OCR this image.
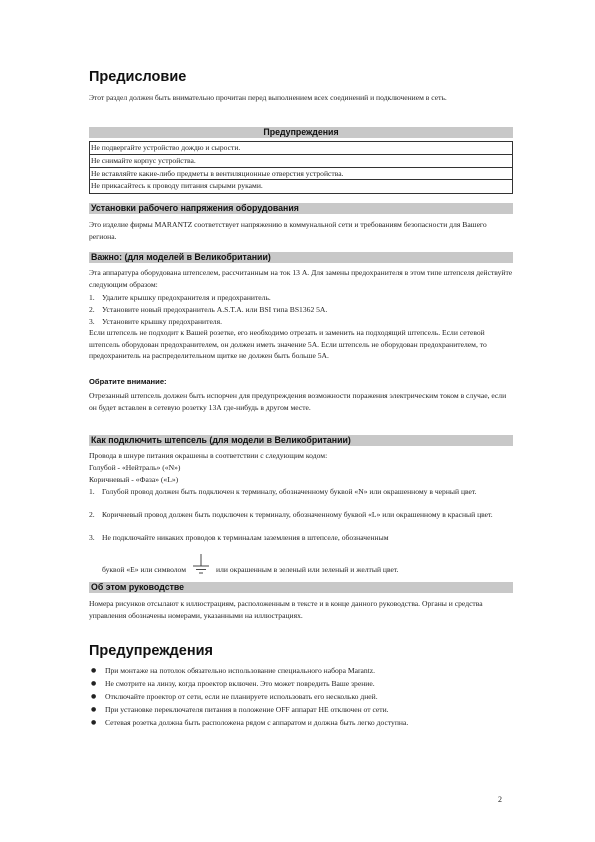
Предисловие
Этот раздел должен быть внимательно прочитан перед выполнением всех соединений и подключением в сеть.
Предупреждения
Не подвергайте устройство дождю и сырости.
Не снимайте корпус устройства.
Не вставляйте какие-либо предметы в вентиляционные отверстия устройства.
Не прикасайтесь к проводу питания сырыми руками.
Установки рабочего напряжения оборудования
Это изделие фирмы MARANTZ соответствует напряжению в коммунальной сети и требованиям безопасности для Вашего региона.
Важно: (для моделей в Великобритании)
Эта аппаратура оборудована штепселем, рассчитанным на ток 13 А. Для замены предохранителя в этом типе штепселя действуйте следующим образом:
1. Удалите крышку предохранителя и предохранитель.
2. Установите новый предохранитель A.S.T.A. или BSI типа BS1362 5А.
3. Установите крышку предохранителя.
Если штепсель не подходит к Вашей розетке, его необходимо отрезать и заменить на подходящий штепсель. Если сетевой штепсель оборудован предохранителем, он должен иметь значение 5А. Если штепсель не оборудован предохранителем, то предохранитель на распределительном щитке не должен быть больше 5А.
Обратите внимание:
Отрезанный штепсель должен быть испорчен для предупреждения возможности поражения электрическим током в случае, если он будет вставлен в сетевую розетку 13А где-нибудь в другом месте.
Как подключить штепсель (для модели в Великобритании)
Провода в шнуре питания окрашены в соответствии с следующим кодом:
Голубой - «Нейтраль» («N»)
Коричневый - «Фаза» («L»)
1. Голубой провод должен быть подключен к терминалу, обозначенному буквой «N» или окрашенному в черный цвет.
2. Коричневый провод должен быть подключен к терминалу, обозначенному буквой «L» или окрашенному в красный цвет.
3. Не подключайте никаких проводов к терминалам заземления в штепселе, обозначенным
буквой «Е» или символом	или окрашенным в зеленый или зеленый и желтый цвет.
Об этом руководстве
Номера рисунков отсылают к иллюстрациям, расположенным в тексте и в конце данного руководства. Органы и средства управления обозначены номерами, указанными на иллюстрациях.
Предупреждения
● При монтаже на потолок обязательно использование специального набора Marantz.
● Не смотрите на линзу, когда проектор включен. Это может повредить Ваше зрение.
● Отключайте проектор от сети, если не планируете использовать его несколько дней.
● При установке переключателя питания в положение OFF аппарат НЕ отключен от сети.
● Сетевая розетка должна быть расположена рядом с аппаратом и должна быть легко доступна.
2
